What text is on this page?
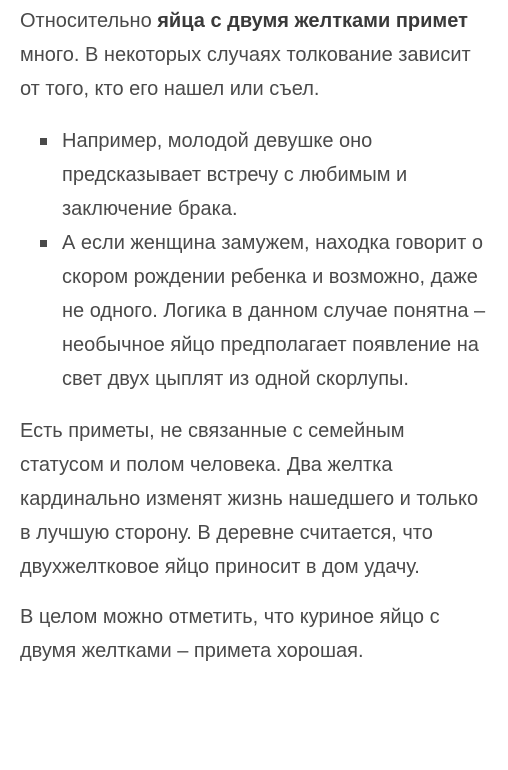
Относительно яйца с двумя желтками примет много. В некоторых случаях толкование зависит от того, кто его нашел или съел.

Например, молодой девушке оно предсказывает встречу с любимым и заключение брака.
А если женщина замужем, находка говорит о скором рождении ребенка и возможно, даже не одного. Логика в данном случае понятна – необычное яйцо предполагает появление на свет двух цыплят из одной скорлупы.

Есть приметы, не связанные с семейным статусом и полом человека. Два желтка кардинально изменят жизнь нашедшего и только в лучшую сторону. В деревне считается, что двухжелтковое яйцо приносит в дом удачу.

В целом можно отметить, что куриное яйцо с двумя желтками – примета хорошая.
